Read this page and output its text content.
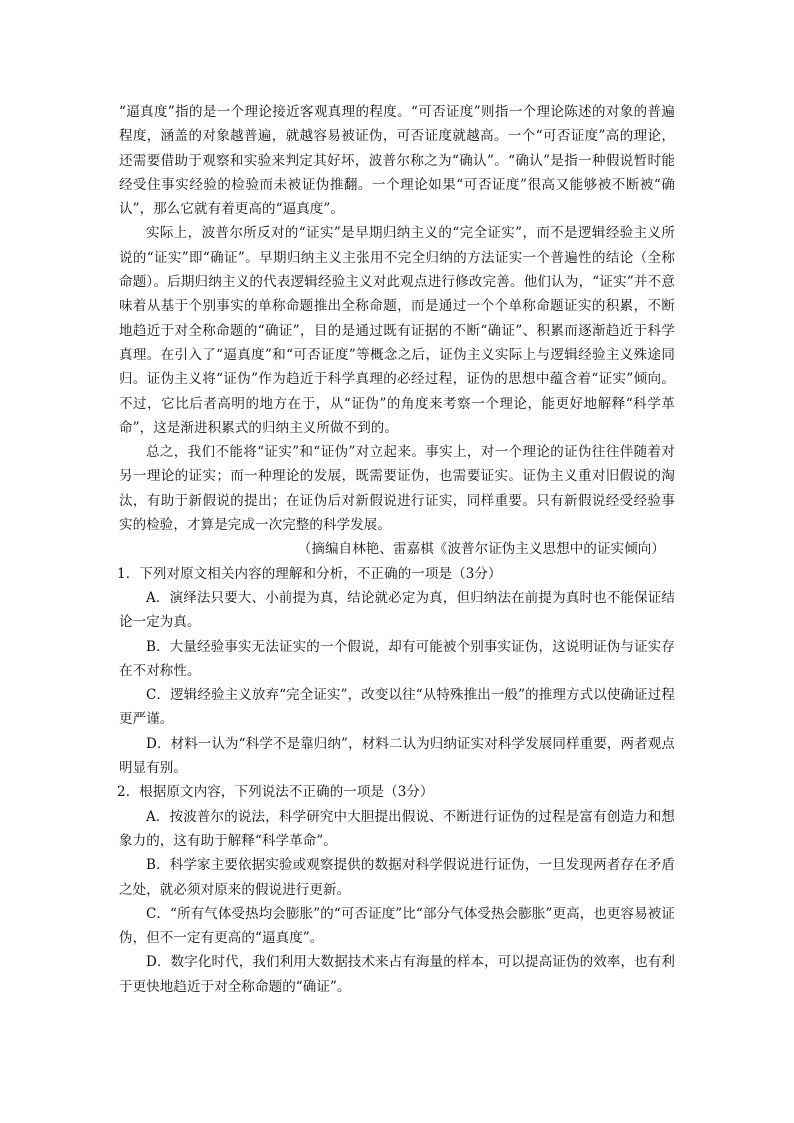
“逼真度”指的是一个理论接近客观真理的程度。“可否证度”则指一个理论陈述的对象的普遍程度，涵盖的对象越普遍，就越容易被证伪，可否证度就越高。一个“可否证度”高的理论，还需要借助于观察和实验来判定其好坏，波普尔称之为“确认”。“确认”是指一种假说暂时能经受住事实经验的检验而未被证伪推翻。一个理论如果“可否证度”很高又能够被不断被“确认”，那么它就有着更高的“逼真度”。

实际上，波普尔所反对的“证实”是早期归纳主义的“完全证实”，而不是逻辑经验主义所说的“证实”即“确证”。早期归纳主义主张用不完全归纳的方法证实一个普遍性的结论（全称命题）。后期归纳主义的代表逻辑经验主义对此观点进行修改完善。他们认为，“证实”并不意味着从基于个别事实的单称命题推出全称命题，而是通过一个个单称命题证实的积累，不断地趋近于对全称命题的“确证”，目的是通过既有证据的不断“确证”、积累而逐渐趋近于科学真理。在引入了“逼真度”和“可否证度”等概念之后，证伪主义实际上与逻辑经验主义殊途同归。证伪主义将“证伪”作为趋近于科学真理的必经过程，证伪的思想中蕴含着“证实”倾向。不过，它比后者高明的地方在于，从“证伪”的角度来考察一个理论，能更好地解释“科学革命”，这是渐进积累式的归纳主义所做不到的。

总之，我们不能将“证实”和“证伪”对立起来。事实上，对一个理论的证伪往往伴随着对另一理论的证实；而一种理论的发展，既需要证伪，也需要证实。证伪主义重对旧假说的淘汰，有助于新假说的提出；在证伪后对新假说进行证实，同样重要。只有新假说经受经验事实的检验，才算是完成一次完整的科学发展。

（摘编自林艳、雷嘉棋《波普尔证伪主义思想中的证实倾向）

1．下列对原文相关内容的理解和分析，不正确的一项是（3分）

A．演绎法只要大、小前提为真，结论就必定为真，但归纳法在前提为真时也不能保证结论一定为真。

B．大量经验事实无法证实的一个假说，却有可能被个别事实证伪，这说明证伪与证实存在不对称性。

C．逻辑经验主义放弃“完全证实”，改变以往“从特殊推出一般”的推理方式以使确证过程更严谨。

D．材料一认为“科学不是靠归纳”，材料二认为归纳证实对科学发展同样重要，两者观点明显有别。

2．根据原文内容，下列说法不正确的一项是（3分）

A．按波普尔的说法，科学研究中大胆提出假说、不断进行证伪的过程是富有创造力和想象力的，这有助于解释“科学革命”。

B．科学家主要依据实验或观察提供的数据对科学假说进行证伪，一旦发现两者存在矛盾之处，就必须对原来的假说进行更新。

C．“所有气体受热均会膨胀”的“可否证度”比“部分气体受热会膨胀”更高，也更容易被证伪，但不一定有更高的“逼真度”。

D．数字化时代，我们利用大数据技术来占有海量的样本，可以提高证伪的效率，也有利于更快地趋近于对全称命题的“确证”。
